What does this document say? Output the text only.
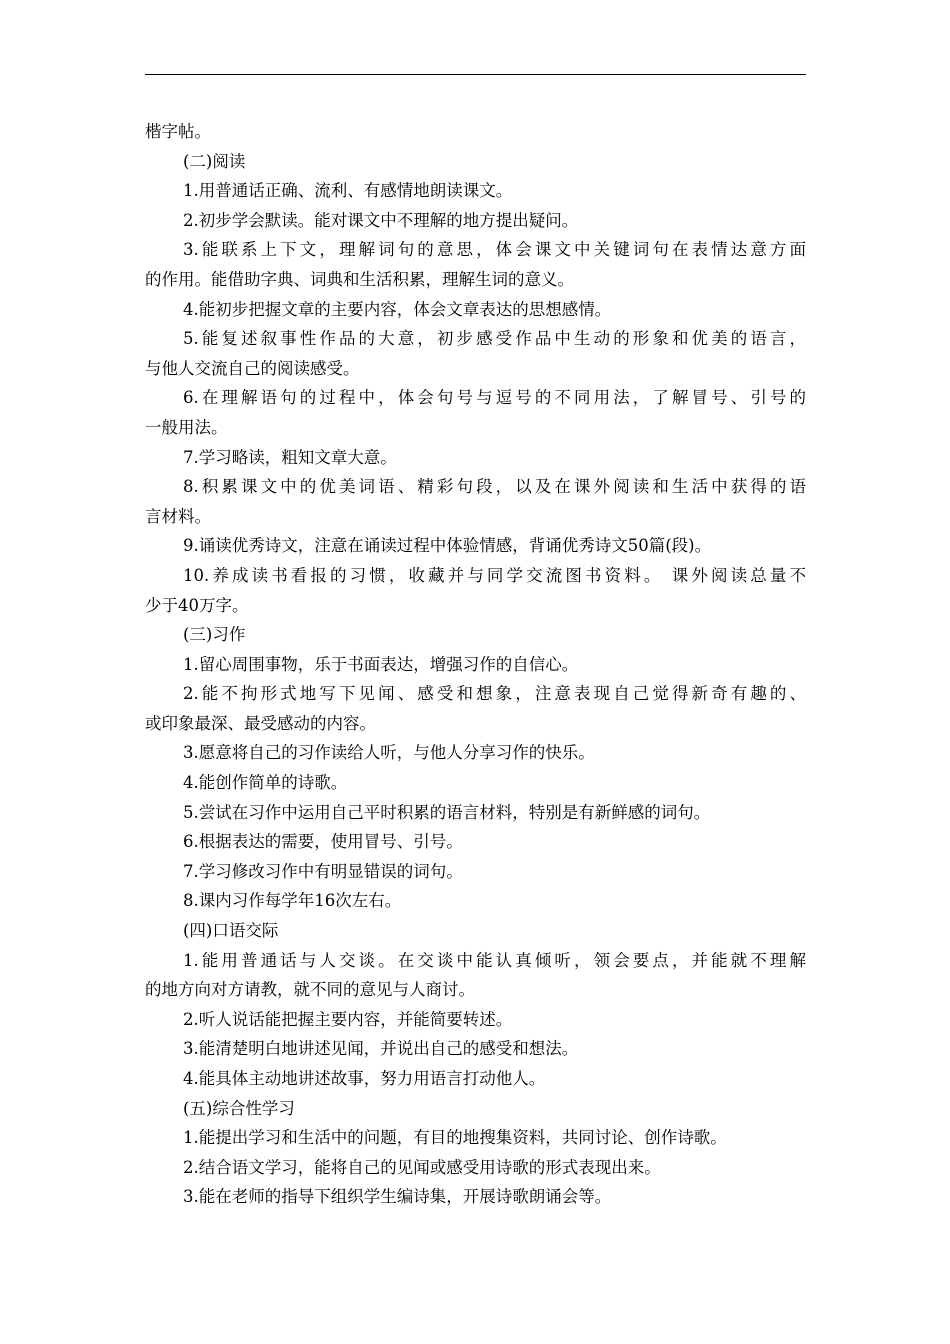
楷字帖。
(二)阅读
1.用普通话正确、流利、有感情地朗读课文。
2.初步学会默读。能对课文中不理解的地方提出疑问。
3.能联系上下文，理解词句的意思，体会课文中关键词句在表情达意方面
的作用。能借助字典、词典和生活积累，理解生词的意义。
4.能初步把握文章的主要内容，体会文章表达的思想感情。
5.能复述叙事性作品的大意，初步感受作品中生动的形象和优美的语言，
与他人交流自己的阅读感受。
6.在理解语句的过程中，体会句号与逗号的不同用法，了解冒号、引号的
一般用法。
7.学习略读，粗知文章大意。
8.积累课文中的优美词语、精彩句段，以及在课外阅读和生活中获得的语
言材料。
9.诵读优秀诗文，注意在诵读过程中体验情感，背诵优秀诗文50篇(段)。
10.养成读书看报的习惯，收藏并与同学交流图书资料。 课外阅读总量不
少于40万字。
(三)习作
1.留心周围事物，乐于书面表达，增强习作的自信心。
2.能不拘形式地写下见闻、感受和想象，注意表现自己觉得新奇有趣的、
或印象最深、最受感动的内容。
3.愿意将自己的习作读给人听，与他人分享习作的快乐。
4.能创作简单的诗歌。
5.尝试在习作中运用自己平时积累的语言材料，特别是有新鲜感的词句。
6.根据表达的需要，使用冒号、引号。
7.学习修改习作中有明显错误的词句。
8.课内习作每学年16次左右。
(四)口语交际
1.能用普通话与人交谈。在交谈中能认真倾听，领会要点，并能就不理解
的地方向对方请教，就不同的意见与人商讨。
2.听人说话能把握主要内容，并能简要转述。
3.能清楚明白地讲述见闻，并说出自己的感受和想法。
4.能具体主动地讲述故事，努力用语言打动他人。
(五)综合性学习
1.能提出学习和生活中的问题，有目的地搜集资料，共同讨论、创作诗歌。
2.结合语文学习，能将自己的见闻或感受用诗歌的形式表现出来。
3.能在老师的指导下组织学生编诗集，开展诗歌朗诵会等。
